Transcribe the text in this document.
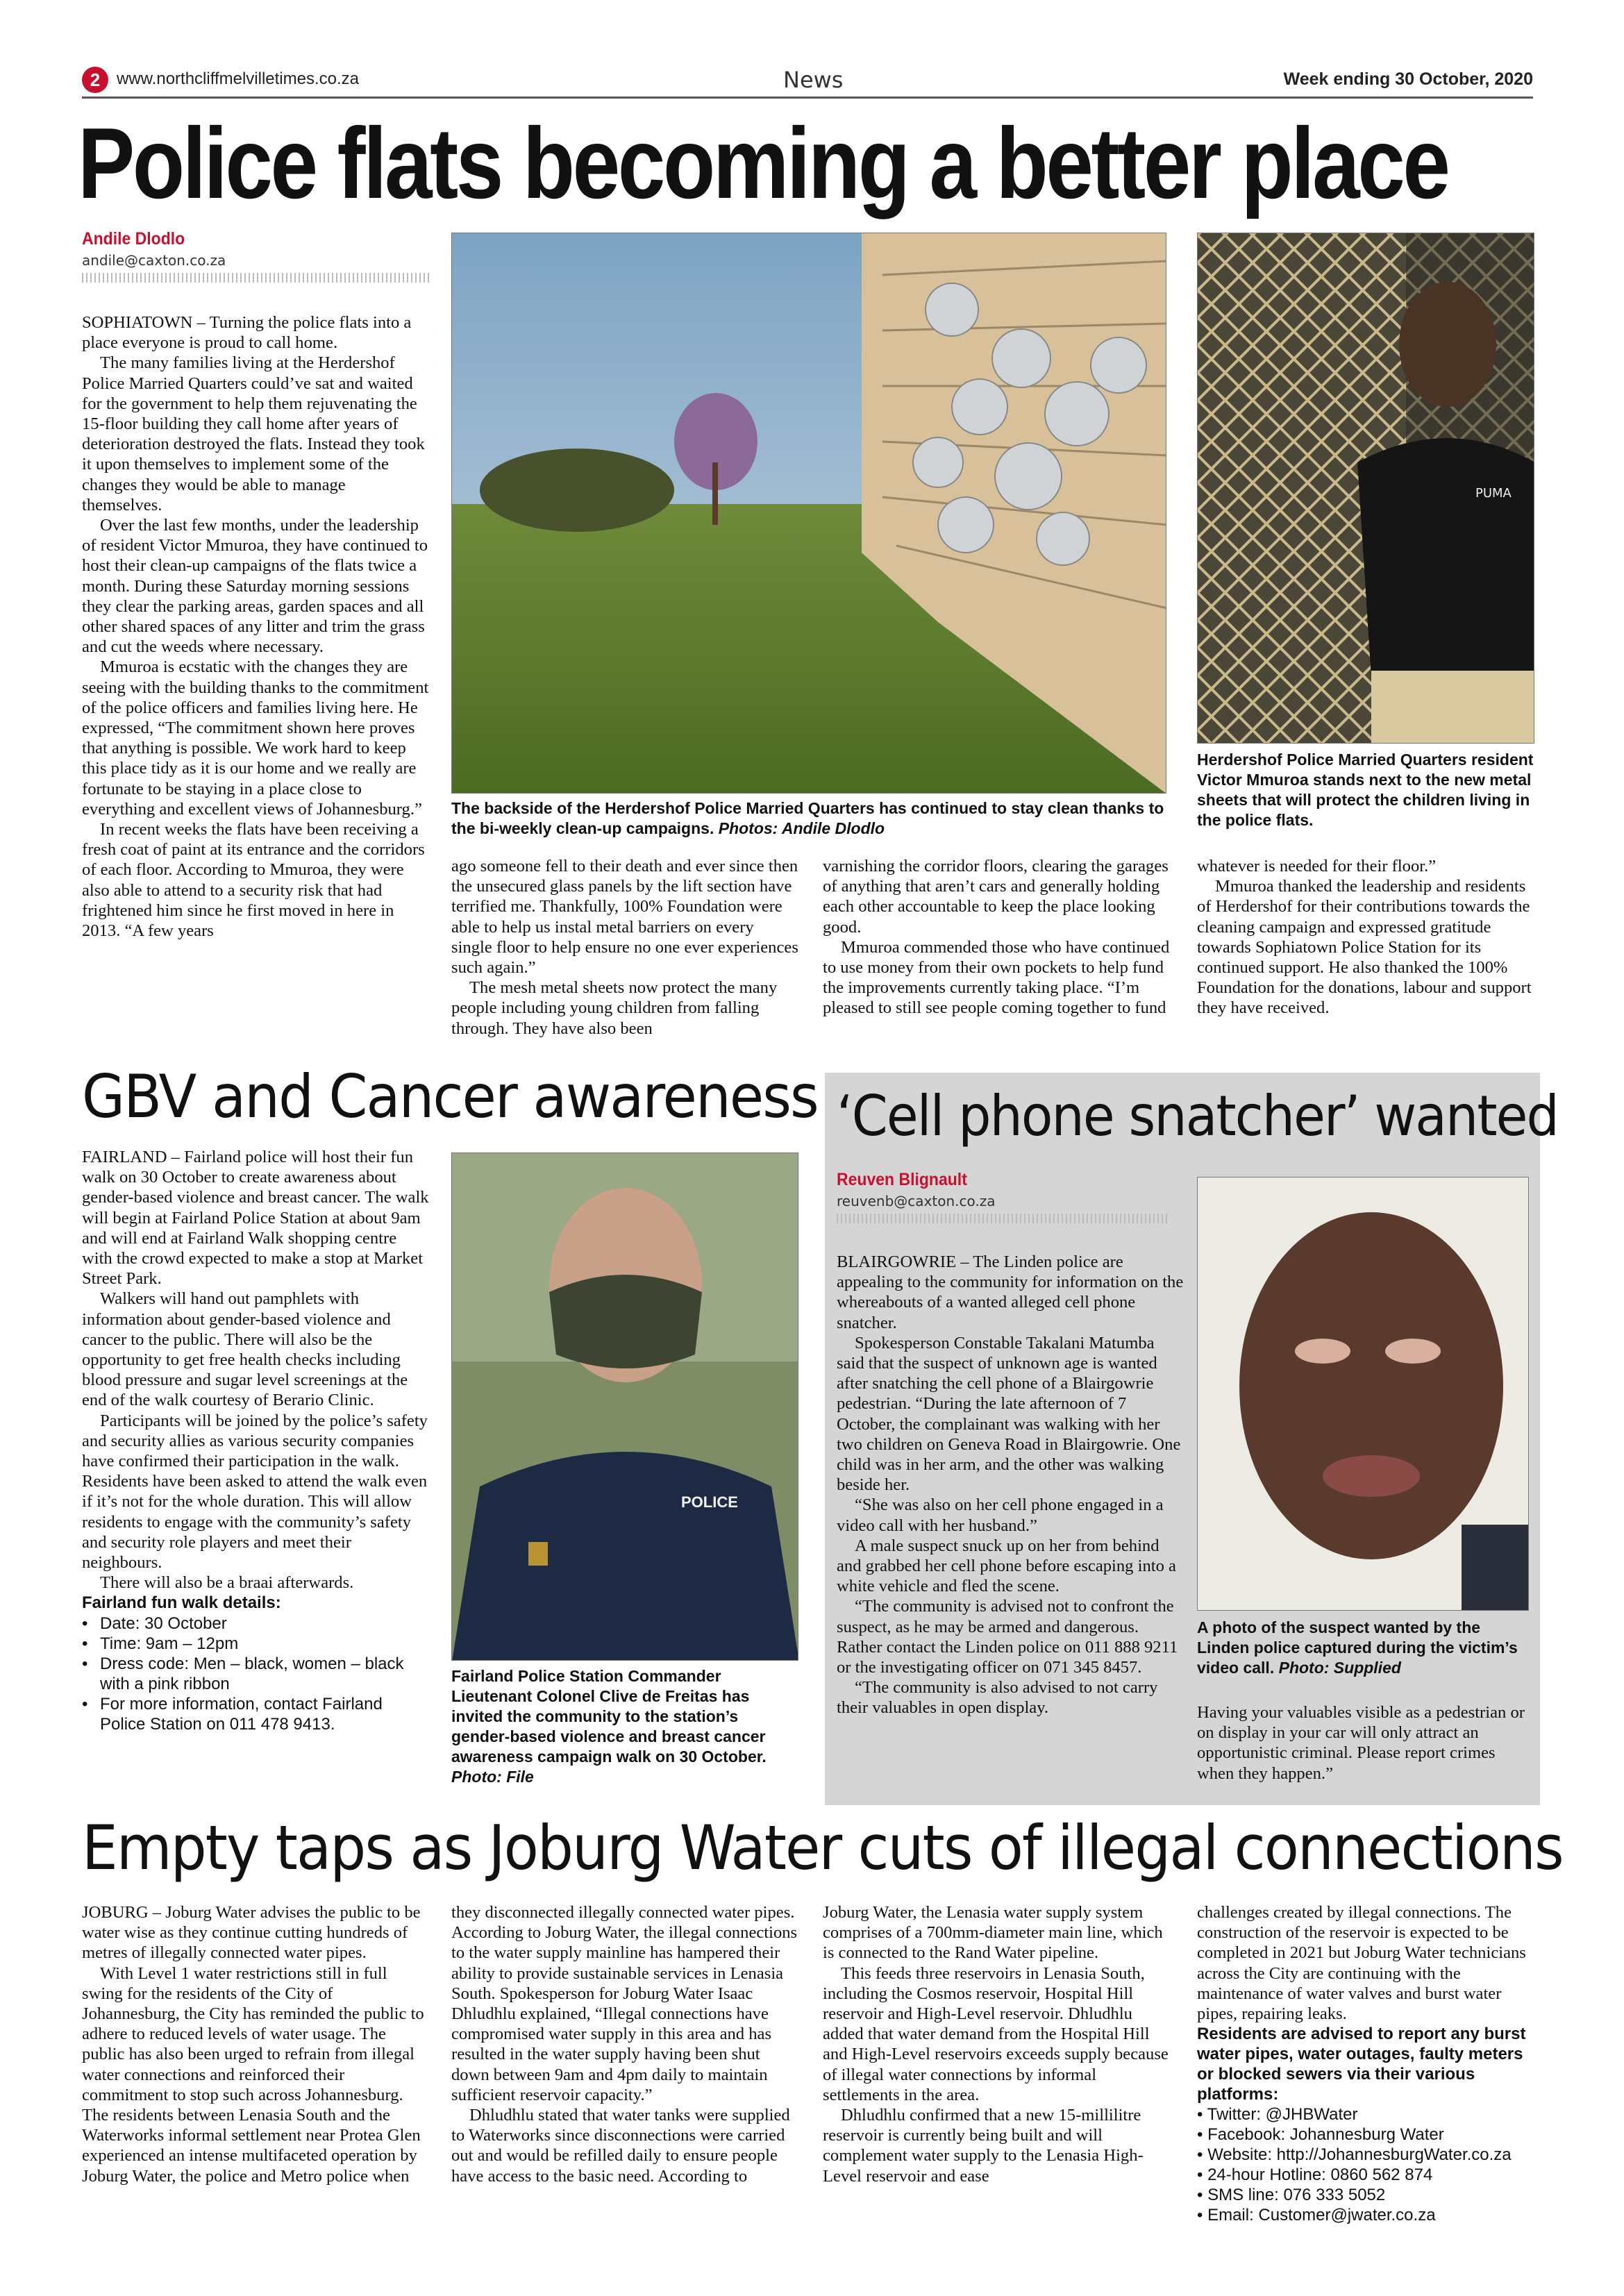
2 www.northcliffmelvilletimes.co.za	News	Week ending 30 October, 2020
Police flats becoming a better place
Andile Dlodlo
andile@caxton.co.za

SOPHIATOWN – Turning the police flats into a place everyone is proud to call home.

The many families living at the Herdershof Police Married Quarters could’ve sat and waited for the government to help them rejuvenating the 15-floor building they call home after years of deterioration destroyed the flats. Instead they took it upon themselves to implement some of the changes they would be able to manage themselves.

Over the last few months, under the leadership of resident Victor Mmuroa, they have continued to host their clean-up campaigns of the flats twice a month. During these Saturday morning sessions they clear the parking areas, garden spaces and all other shared spaces of any litter and trim the grass and cut the weeds where necessary.

Mmuroa is ecstatic with the changes they are seeing with the building thanks to the commitment of the police officers and families living here. He expressed, “The commitment shown here proves that anything is possible. We work hard to keep this place tidy as it is our home and we really are fortunate to be staying in a place close to everything and excellent views of Johannesburg.”

In recent weeks the flats have been receiving a fresh coat of paint at its entrance and the corridors of each floor. According to Mmuroa, they were also able to attend to a security risk that had frightened him since he first moved in here in 2013. “A few years

The backside of the Herdershof Police Married Quarters has continued to stay clean thanks to the bi-weekly clean-up campaigns. Photos: Andile Dlodlo
PUMA
Herdershof Police Married Quarters resident Victor Mmuroa stands next to the new metal sheets that will protect the children living in the police flats.

ago someone fell to their death and ever since then the unsecured glass panels by the lift section have terrified me. Thankfully, 100% Foundation were able to help us instal metal barriers on every single floor to help ensure no one ever experiences such again.”

The mesh metal sheets now protect the many people including young children from falling through. They have also been

varnishing the corridor floors, clearing the garages of anything that aren’t cars and generally holding each other accountable to keep the place looking good.

Mmuroa commended those who have continued to use money from their own pockets to help fund the improvements currently taking place. “I’m pleased to still see people coming together to fund

whatever is needed for their floor.”

Mmuroa thanked the leadership and residents of Herdershof for their contributions towards the cleaning campaign and expressed gratitude towards Sophiatown Police Station for its continued support. He also thanked the 100% Foundation for the donations, labour and support they have received.

GBV and Cancer awareness

FAIRLAND – Fairland police will host their fun walk on 30 October to create awareness about gender-based violence and breast cancer. The walk will begin at Fairland Police Station at about 9am and will end at Fairland Walk shopping centre with the crowd expected to make a stop at Market Street Park.

Walkers will hand out pamphlets with information about gender-based violence and cancer to the public. There will also be the opportunity to get free health checks including blood pressure and sugar level screenings at the end of the walk courtesy of Berario Clinic.

Participants will be joined by the police’s safety and security allies as various security companies have confirmed their participation in the walk. Residents have been asked to attend the walk even if it’s not for the whole duration. This will allow residents to engage with the community’s safety and security role players and meet their neighbours.

There will also be a braai afterwards.

Fairland fun walk details:
• Date: 30 October
• Time: 9am – 12pm
• Dress code: Men – black, women – black with a pink ribbon
• For more information, contact Fairland Police Station on 011 478 9413.
POLICE
Fairland Police Station Commander Lieutenant Colonel Clive de Freitas has invited the community to the station’s gender-based violence and breast cancer awareness campaign walk on 30 October. Photo: File
‘Cell phone snatcher’ wanted
Reuven Blignault
reuvenb@caxton.co.za

BLAIRGOWRIE – The Linden police are appealing to the community for information on the whereabouts of a wanted alleged cell phone snatcher.

Spokesperson Constable Takalani Matumba said that the suspect of unknown age is wanted after snatching the cell phone of a Blairgowrie pedestrian. “During the late afternoon of 7 October, the complainant was walking with her two children on Geneva Road in Blairgowrie. One child was in her arm, and the other was walking beside her.

“She was also on her cell phone engaged in a video call with her husband.”

A male suspect snuck up on her from behind and grabbed her cell phone before escaping into a white vehicle and fled the scene.

“The community is advised not to confront the suspect, as he may be armed and dangerous. Rather contact the Linden police on 011 888 9211 or the investigating officer on 071 345 8457.

“The community is also advised to not carry their valuables in open display.

A photo of the suspect wanted by the Linden police captured during the victim’s video call. Photo: Supplied
Having your valuables visible as a pedestrian or on display in your car will only attract an opportunistic criminal. Please report crimes when they happen.”
Empty taps as Joburg Water cuts of illegal connections

JOBURG – Joburg Water advises the public to be water wise as they continue cutting hundreds of metres of illegally connected water pipes.

With Level 1 water restrictions still in full swing for the residents of the City of Johannesburg, the City has reminded the public to adhere to reduced levels of water usage. The public has also been urged to refrain from illegal water connections and reinforced their commitment to stop such across Johannesburg. The residents between Lenasia South and the Waterworks informal settlement near Protea Glen experienced an intense multifaceted operation by Joburg Water, the police and Metro police when

they disconnected illegally connected water pipes. According to Joburg Water, the illegal connections to the water supply mainline has hampered their ability to provide sustainable services in Lenasia South. Spokesperson for Joburg Water Isaac Dhludhlu explained, “Illegal connections have compromised water supply in this area and has resulted in the water supply having been shut down between 9am and 4pm daily to maintain sufficient reservoir capacity.”

Dhludhlu stated that water tanks were supplied to Waterworks since disconnections were carried out and would be refilled daily to ensure people have access to the basic need. According to

Joburg Water, the Lenasia water supply system comprises of a 700mm-diameter main line, which is connected to the Rand Water pipeline.

This feeds three reservoirs in Lenasia South, including the Cosmos reservoir, Hospital Hill reservoir and High-Level reservoir. Dhludhlu added that water demand from the Hospital Hill and High-Level reservoirs exceeds supply because of illegal water connections by informal settlements in the area.

Dhludhlu confirmed that a new 15-millilitre reservoir is currently being built and will complement water supply to the Lenasia High-Level reservoir and ease

challenges created by illegal connections. The construction of the reservoir is expected to be completed in 2021 but Joburg Water technicians across the City are continuing with the maintenance of water valves and burst water pipes, repairing leaks.

Residents are advised to report any burst water pipes, water outages, faulty meters or blocked sewers via their various platforms:
• Twitter: @JHBWater
• Facebook: Johannesburg Water
• Website: http://JohannesburgWater.co.za
• 24-hour Hotline: 0860 562 874
• SMS line: 076 333 5052
• Email: Customer@jwater.co.za
